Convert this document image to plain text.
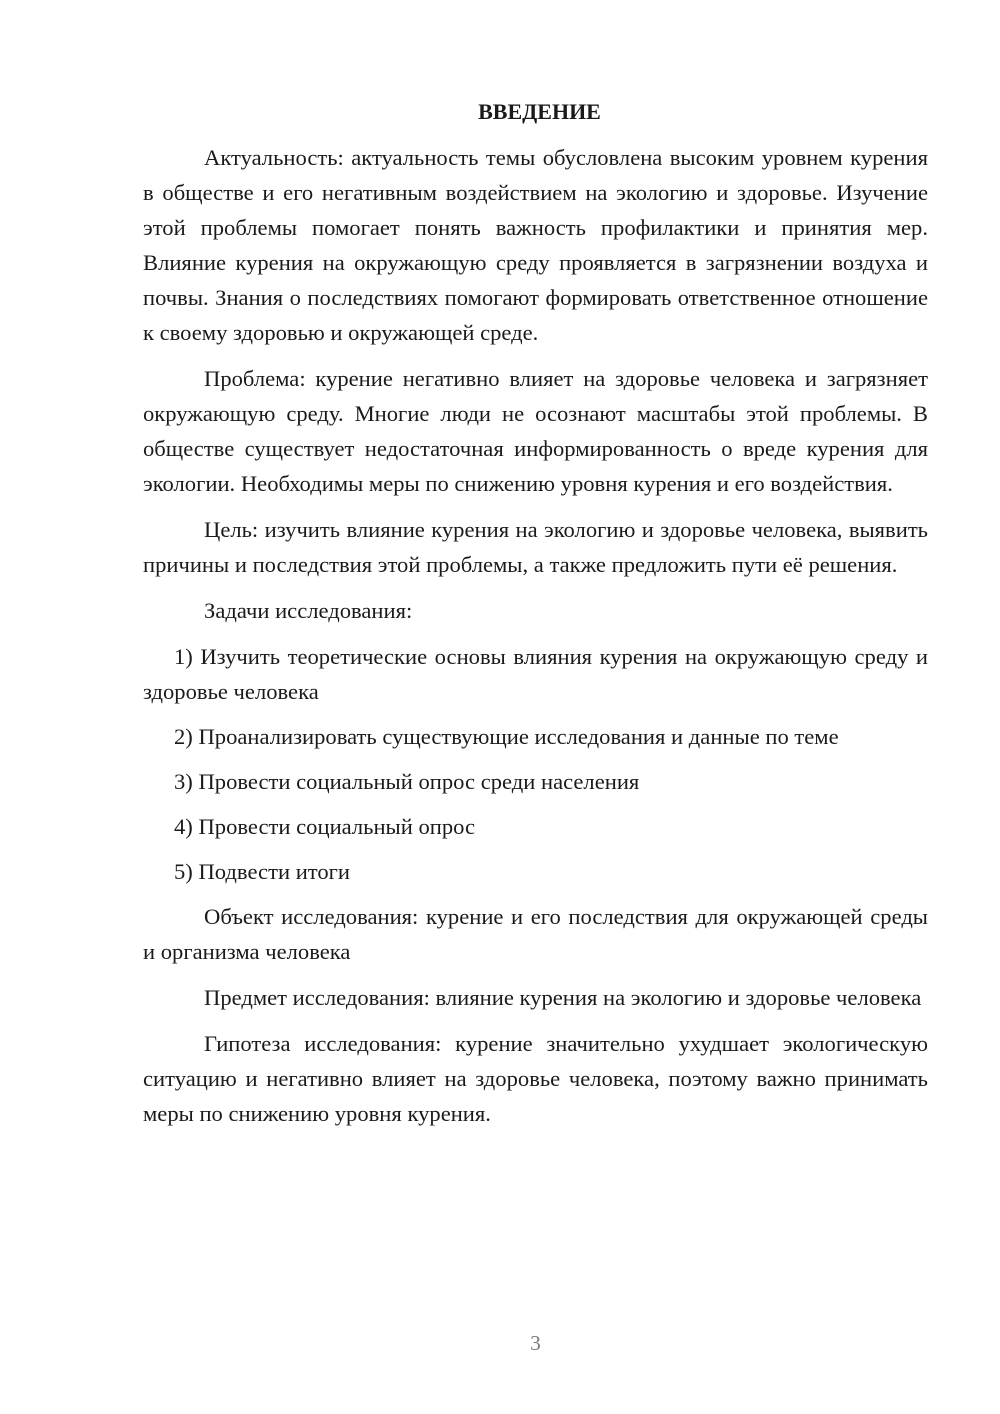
ВВЕДЕНИЕ

Актуальность: актуальность темы обусловлена высоким уровнем курения в обществе и его негативным воздействием на экологию и здоровье. Изучение этой проблемы помогает понять важность профилактики и принятия мер. Влияние курения на окружающую среду проявляется в загрязнении воздуха и почвы. Знания о последствиях помогают формировать ответственное отношение к своему здоровью и окружающей среде.

Проблема: курение негативно влияет на здоровье человека и загрязняет окружающую среду. Многие люди не осознают масштабы этой проблемы. В обществе существует недостаточная информированность о вреде курения для экологии. Необходимы меры по снижению уровня курения и его воздействия.

Цель: изучить влияние курения на экологию и здоровье человека, выявить причины и последствия этой проблемы, а также предложить пути её решения.

Задачи исследования:

1) Изучить теоретические основы влияния курения на окружающую среду и здоровье человека

2) Проанализировать существующие исследования и данные по теме

3) Провести социальный опрос среди населения

4) Провести социальный опрос

5) Подвести итоги

Объект исследования: курение и его последствия для окружающей среды и организма человека

Предмет исследования: влияние курения на экологию и здоровье человека

Гипотеза исследования: курение значительно ухудшает экологическую ситуацию и негативно влияет на здоровье человека, поэтому важно принимать меры по снижению уровня курения.

3
